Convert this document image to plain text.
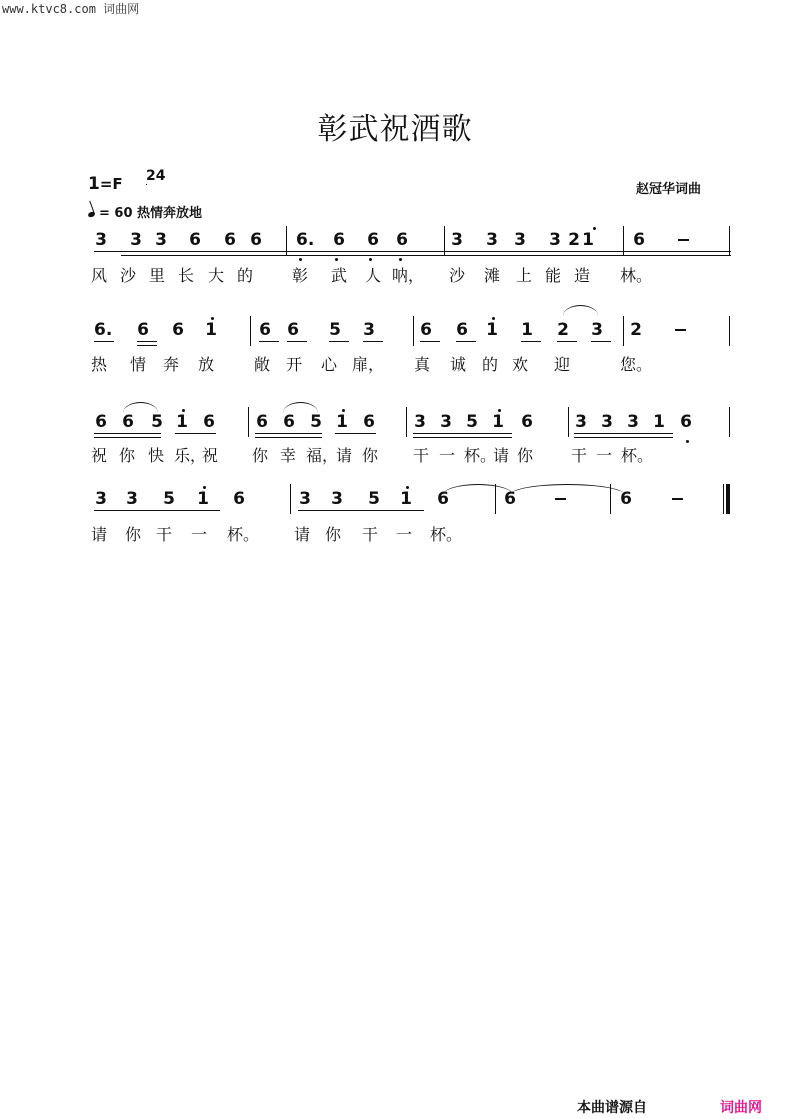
www.ktvc8.com 词曲网
彰武祝酒歌
1=F 2
4
= 60 热情奔放地
赵冠华词曲
3 3 3 6 6 6 6. 6 6 6	3 3 3 3 2 1 6
风 沙 里 长 大 的 彰 武 人 呐， 沙 滩 上 能 造 林。
6. 6 6 1 6 6 5 3	6 6 1 1 2 3 2
热 情 奔 放 敞 开 心 扉， 真 诚 的 欢 迎	您。
6 6 5 1 6 6 6 5 1 6 3 3 5 1 6 3 3 3 1 6
祝 你 快 乐，
祝 你 幸 福，
请 你 干 一 杯。
请 你 干 一 杯。
3 3 5 1 6	3 3 5 1 6	6	6
请 你 干 一 杯。 请 你 干 一 杯。
本曲谱源自	词曲网
